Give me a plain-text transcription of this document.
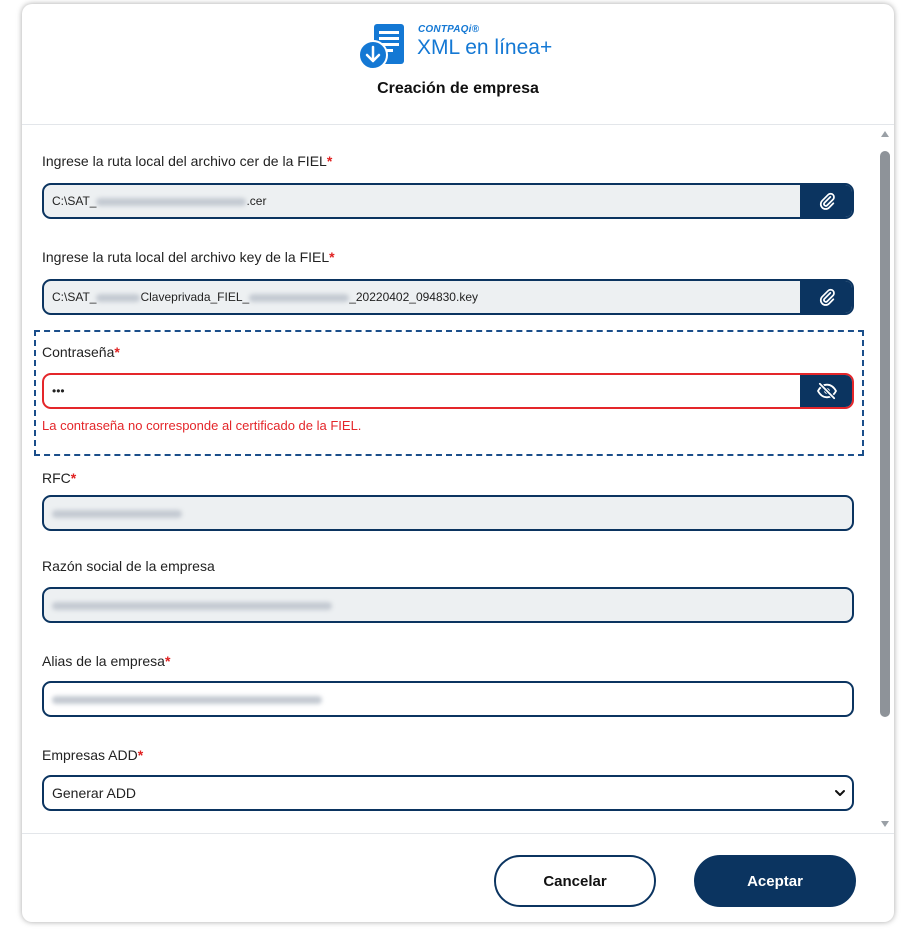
CONTPAQi®
XML en línea+
Creación de empresa
Ingrese la ruta local del archivo cer de la FIEL*
C:\SAT_	.cer
Ingrese la ruta local del archivo key de la FIEL*
C:\SAT_	Claveprivada_FIEL_	_20220402_094830.key
Contraseña*
•••
La contraseña no corresponde al certificado de la FIEL.
RFC*
Razón social de la empresa
Alias de la empresa*
Empresas ADD*
Generar ADD
Cancelar	Aceptar
